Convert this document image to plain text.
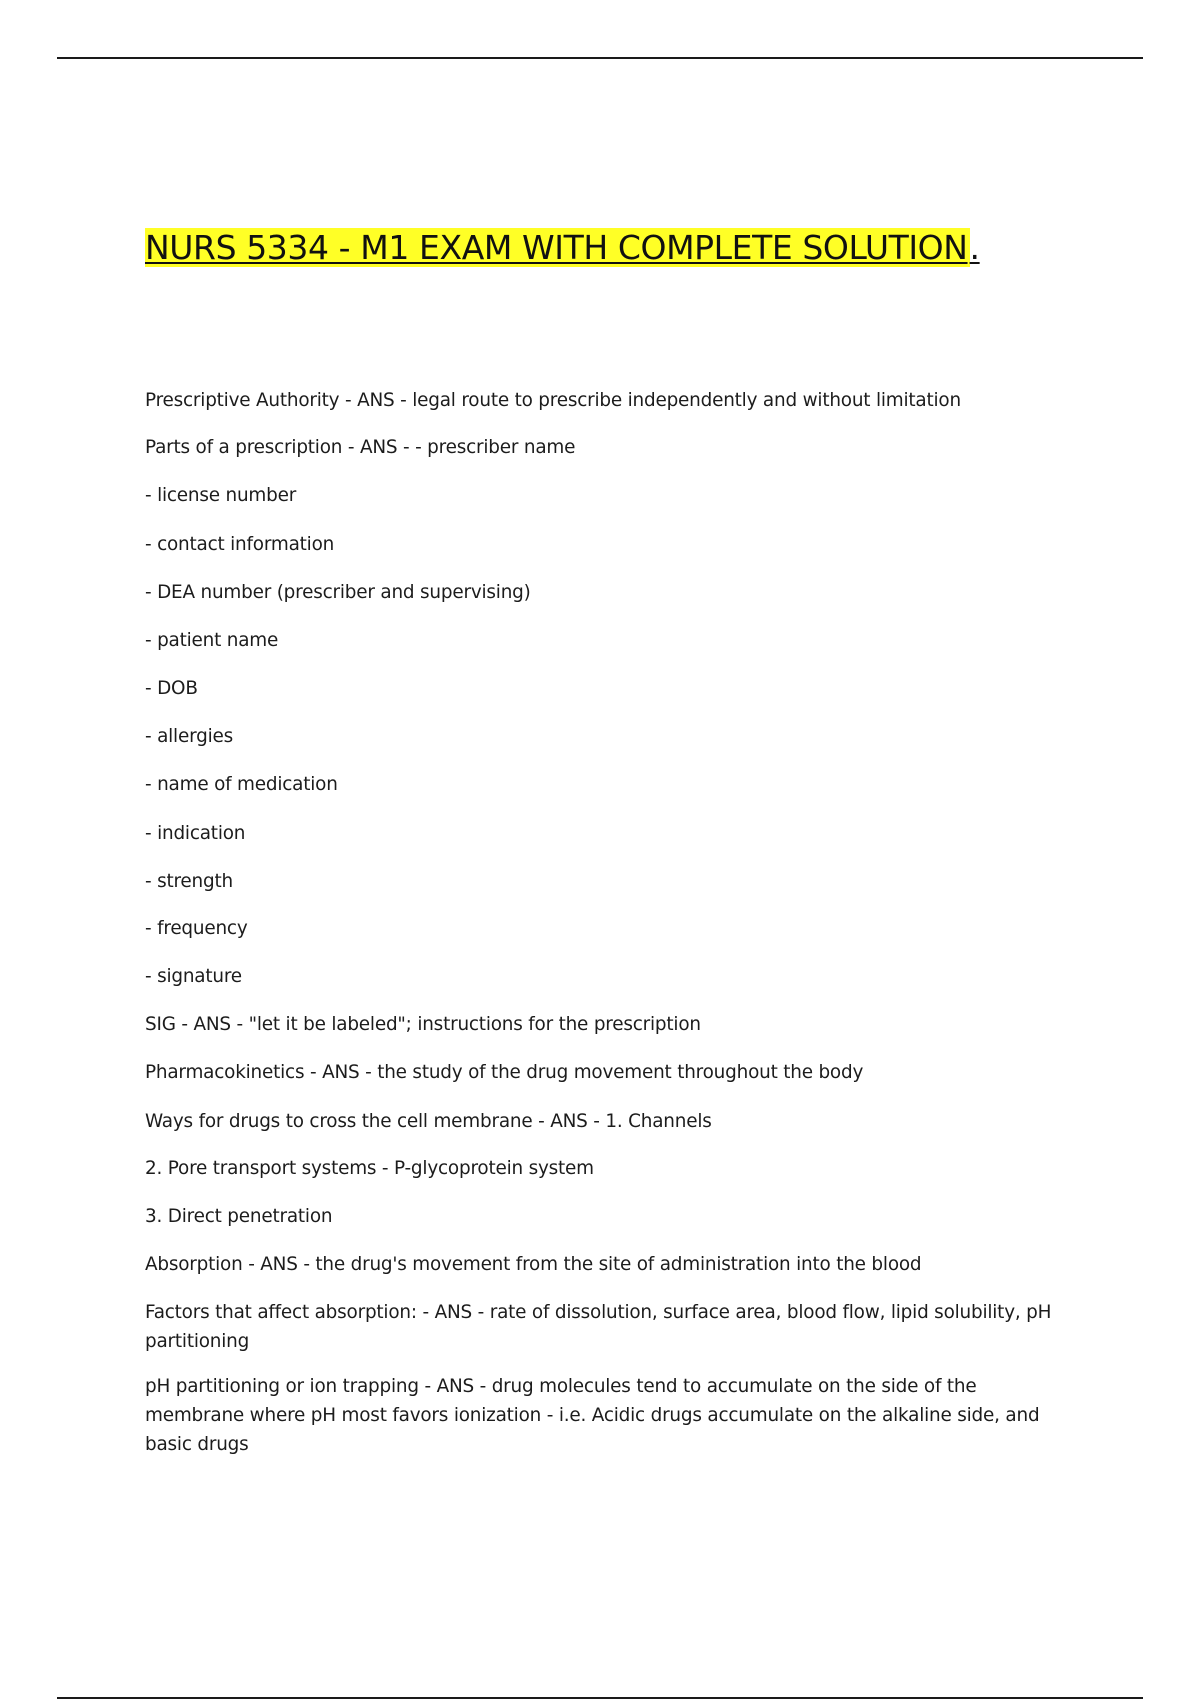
NURS 5334 - M1 EXAM WITH COMPLETE SOLUTION.

Prescriptive Authority - ANS - legal route to prescribe independently and without limitation

Parts of a prescription - ANS - - prescriber name

- license number

- contact information

- DEA number (prescriber and supervising)

- patient name

- DOB

- allergies

- name of medication

- indication

- strength

- frequency

- signature

SIG - ANS - "let it be labeled"; instructions for the prescription

Pharmacokinetics - ANS - the study of the drug movement throughout the body

Ways for drugs to cross the cell membrane - ANS - 1. Channels

2. Pore transport systems - P-glycoprotein system

3. Direct penetration

Absorption - ANS - the drug's movement from the site of administration into the blood

Factors that affect absorption: - ANS - rate of dissolution, surface area, blood flow, lipid solubility, pH partitioning

pH partitioning or ion trapping - ANS - drug molecules tend to accumulate on the side of the membrane where pH most favors ionization - i.e. Acidic drugs accumulate on the alkaline side, and basic drugs
